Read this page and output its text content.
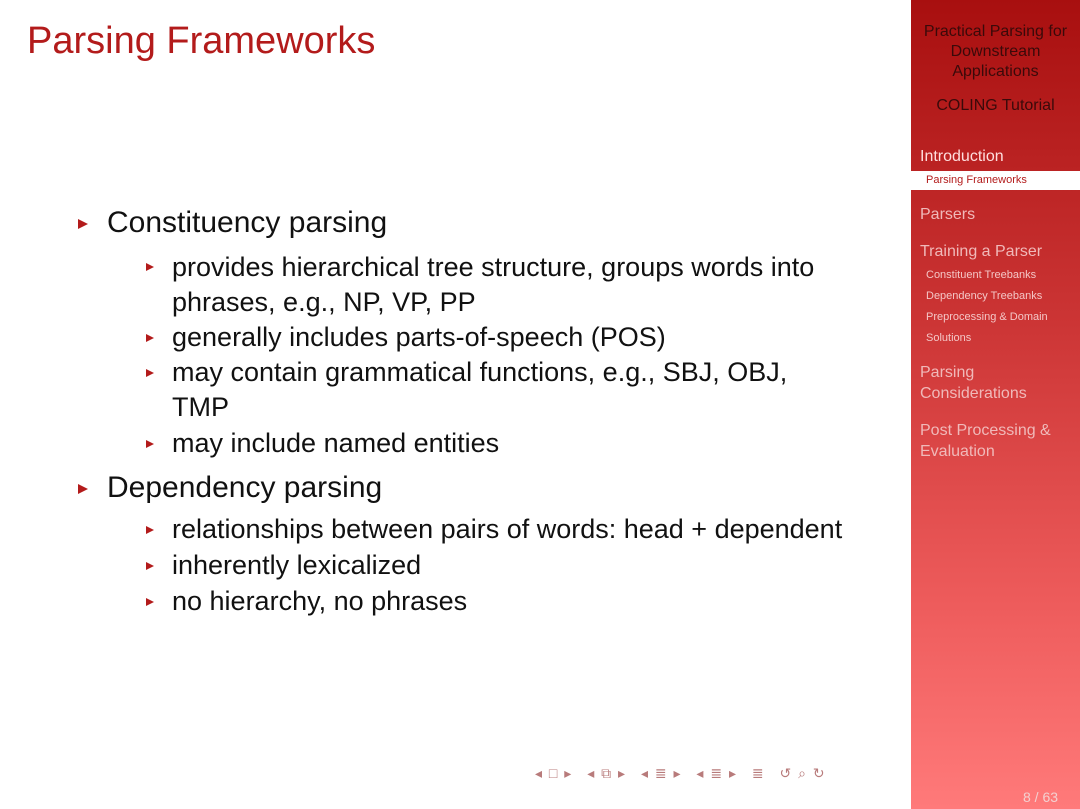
Parsing Frameworks
Constituency parsing
provides hierarchical tree structure, groups words into
phrases, e.g., NP, VP, PP
generally includes parts-of-speech (POS)
may contain grammatical functions, e.g., SBJ, OBJ,
TMP
may include named entities
Dependency parsing
relationships between pairs of words: head + dependent
inherently lexicalized
no hierarchy, no phrases
◂ □ ▸ ◂ ⧉ ▸ ◂ ≣ ▸ ◂ ≣ ▸ ≣ ↺ ⌕ ↻
Practical Parsing for
Downstream
Applications
COLING Tutorial
Introduction
Parsers
Training a Parser
Constituent Treebanks
Dependency Treebanks
Preprocessing & Domain
Solutions
Parsing
Considerations
Post Processing &
Evaluation
Parsing Frameworks
8 / 63
